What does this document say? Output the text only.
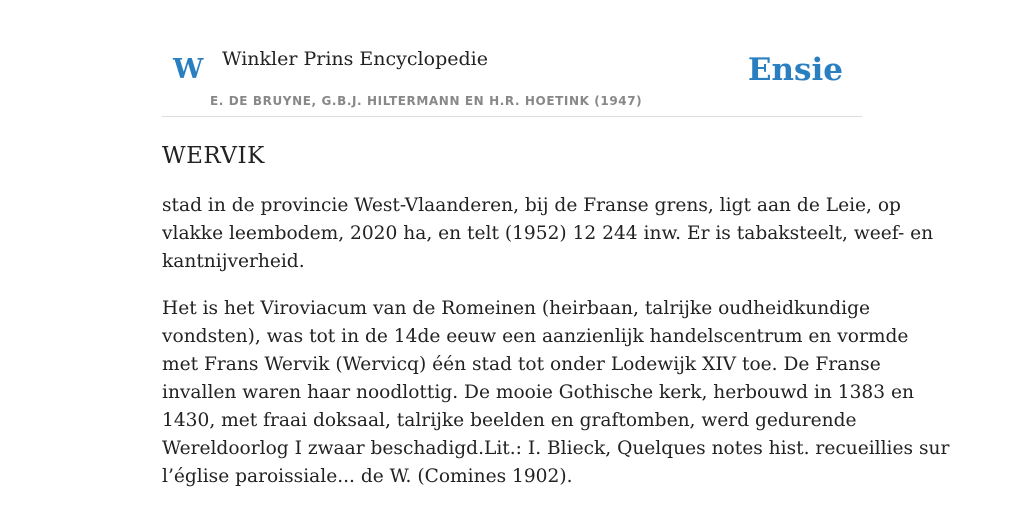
W Winkler Prins Encyclopedie
E. DE BRUYNE, G.B.J. HILTERMANN EN H.R. HOETINK (1947)
Ensie
WERVIK

stad in de provincie West-Vlaanderen, bij de Franse grens, ligt aan de Leie, op
vlakke leembodem, 2020 ha, en telt (1952) 12 244 inw. Er is tabaksteelt, weef- en
kantnijverheid.

Het is het Viroviacum van de Romeinen (heirbaan, talrijke oudheidkundige
vondsten), was tot in de 14de eeuw een aanzienlijk handelscentrum en vormde
met Frans Wervik (Wervicq) één stad tot onder Lodewijk XIV toe. De Franse
invallen waren haar noodlottig. De mooie Gothische kerk, herbouwd in 1383 en
1430, met fraai doksaal, talrijke beelden en graftomben, werd gedurende
Wereldoorlog I zwaar beschadigd.Lit.: I. Blieck, Quelques notes hist. recueillies sur
l’église paroissiale... de W. (Comines 1902).
